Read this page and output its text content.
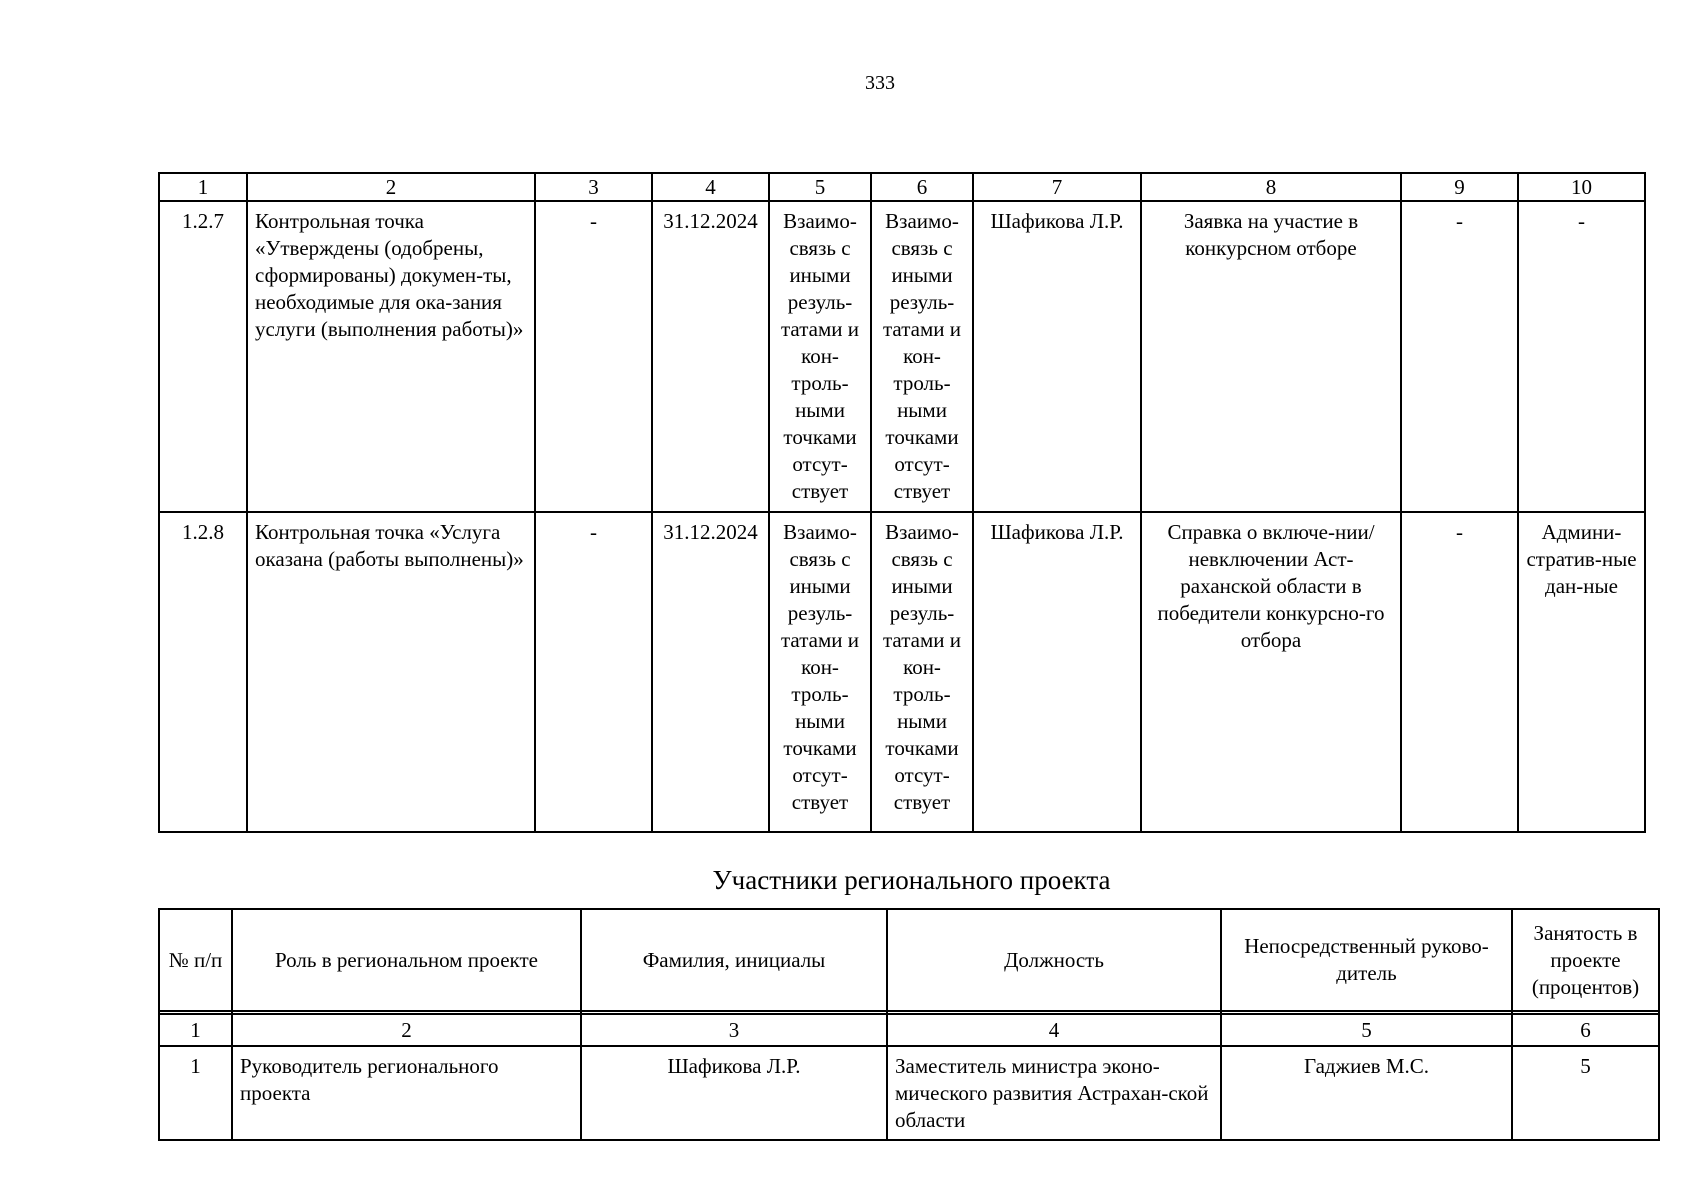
333
1	2	3	4	5	6	7	8	9	10
1.2.7	Контрольная точка «Утверждены (одобрены, сформированы) докумен-ты, необходимые для ока-зания услуги (выполнения работы)»	-	31.12.2024	Взаимо-связь с иными резуль-татами и кон-троль-ными точками отсут-ствует	Взаимо-связь с иными резуль-татами и кон-троль-ными точками отсут-ствует	Шафикова Л.Р.	Заявка на участие в конкурсном отборе	-	-
1.2.8	Контрольная точка «Услуга оказана (работы выполнены)»	-	31.12.2024	Взаимо-связь с иными резуль-татами и кон-троль-ными точками отсут-ствует	Взаимо-связь с иными резуль-татами и кон-троль-ными точками отсут-ствует	Шафикова Л.Р.	Справка о включе-нии/невключении Аст-раханской области в победители конкурсно-го отбора	-	Админи-стратив-ные дан-ные
Участники регионального проекта
№ п/п	Роль в региональном проекте	Фамилия, инициалы	Должность	Непосредственный руково-дитель	Занятость в проекте (процентов)

1	2	3	4	5	6
1	Руководитель регионального проекта	Шафикова Л.Р.	Заместитель министра эконо-мического развития Астрахан-ской области	Гаджиев М.С.	5
